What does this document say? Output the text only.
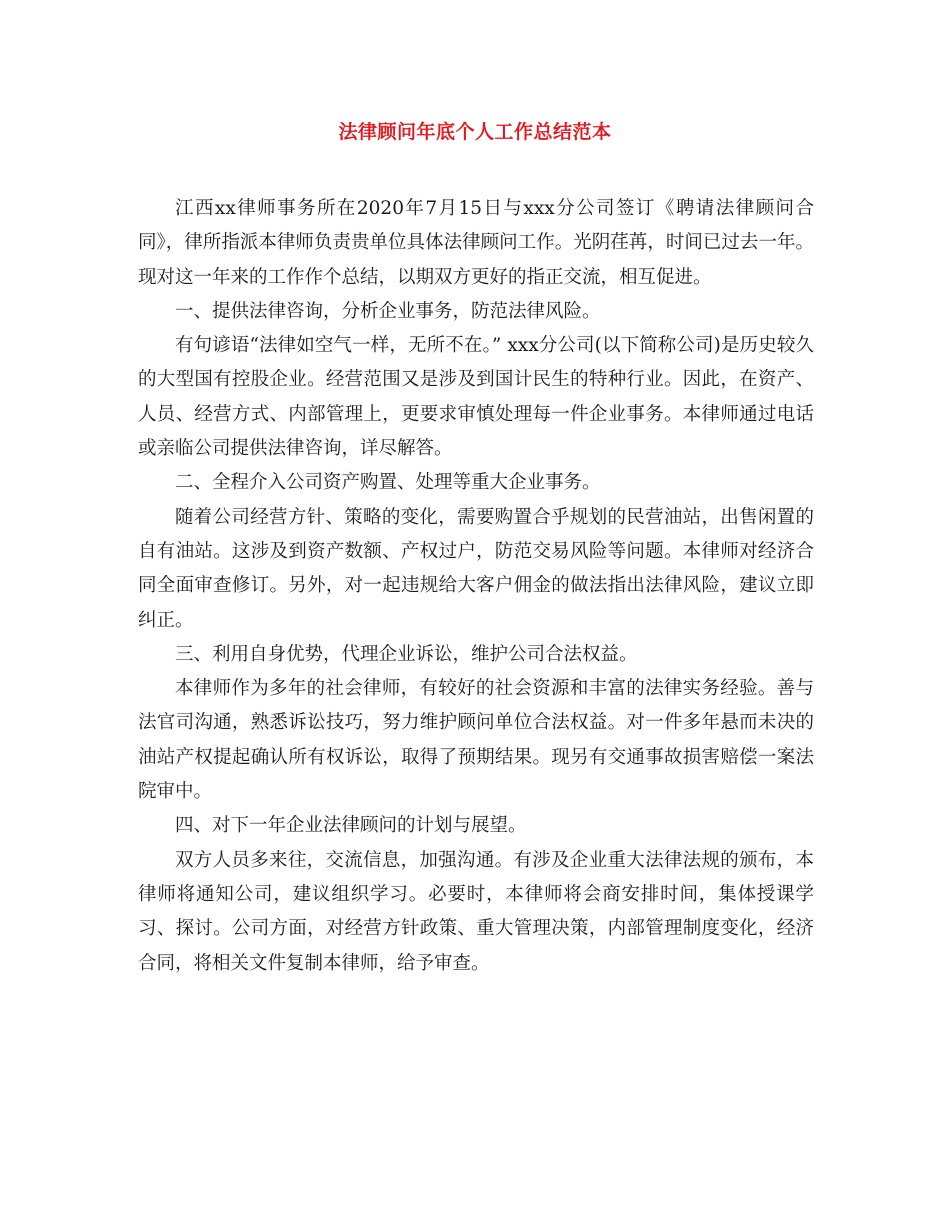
法律顾问年底个人工作总结范本

江西xx律师事务所在2020年7月15日与xxx分公司签订《聘请法律顾问合同》，律所指派本律师负责贵单位具体法律顾问工作。光阴荏苒，时间已过去一年。现对这一年来的工作作个总结，以期双方更好的指正交流，相互促进。

一、提供法律咨询，分析企业事务，防范法律风险。

有句谚语“法律如空气一样，无所不在。” xxx分公司(以下简称公司)是历史较久的大型国有控股企业。经营范围又是涉及到国计民生的特种行业。因此，在资产、人员、经营方式、内部管理上，更要求审慎处理每一件企业事务。本律师通过电话或亲临公司提供法律咨询，详尽解答。

二、全程介入公司资产购置、处理等重大企业事务。

随着公司经营方针、策略的变化，需要购置合乎规划的民营油站，出售闲置的自有油站。这涉及到资产数额、产权过户，防范交易风险等问题。本律师对经济合同全面审查修订。另外，对一起违规给大客户佣金的做法指出法律风险，建议立即纠正。

三、利用自身优势，代理企业诉讼，维护公司合法权益。

本律师作为多年的社会律师，有较好的社会资源和丰富的法律实务经验。善与法官司沟通，熟悉诉讼技巧，努力维护顾问单位合法权益。对一件多年悬而未决的油站产权提起确认所有权诉讼，取得了预期结果。现另有交通事故损害赔偿一案法院审中。

四、对下一年企业法律顾问的计划与展望。

双方人员多来往，交流信息，加强沟通。有涉及企业重大法律法规的颁布，本律师将通知公司，建议组织学习。必要时，本律师将会商安排时间，集体授课学习、探讨。公司方面，对经营方针政策、重大管理决策，内部管理制度变化，经济合同，将相关文件复制本律师，给予审查。
